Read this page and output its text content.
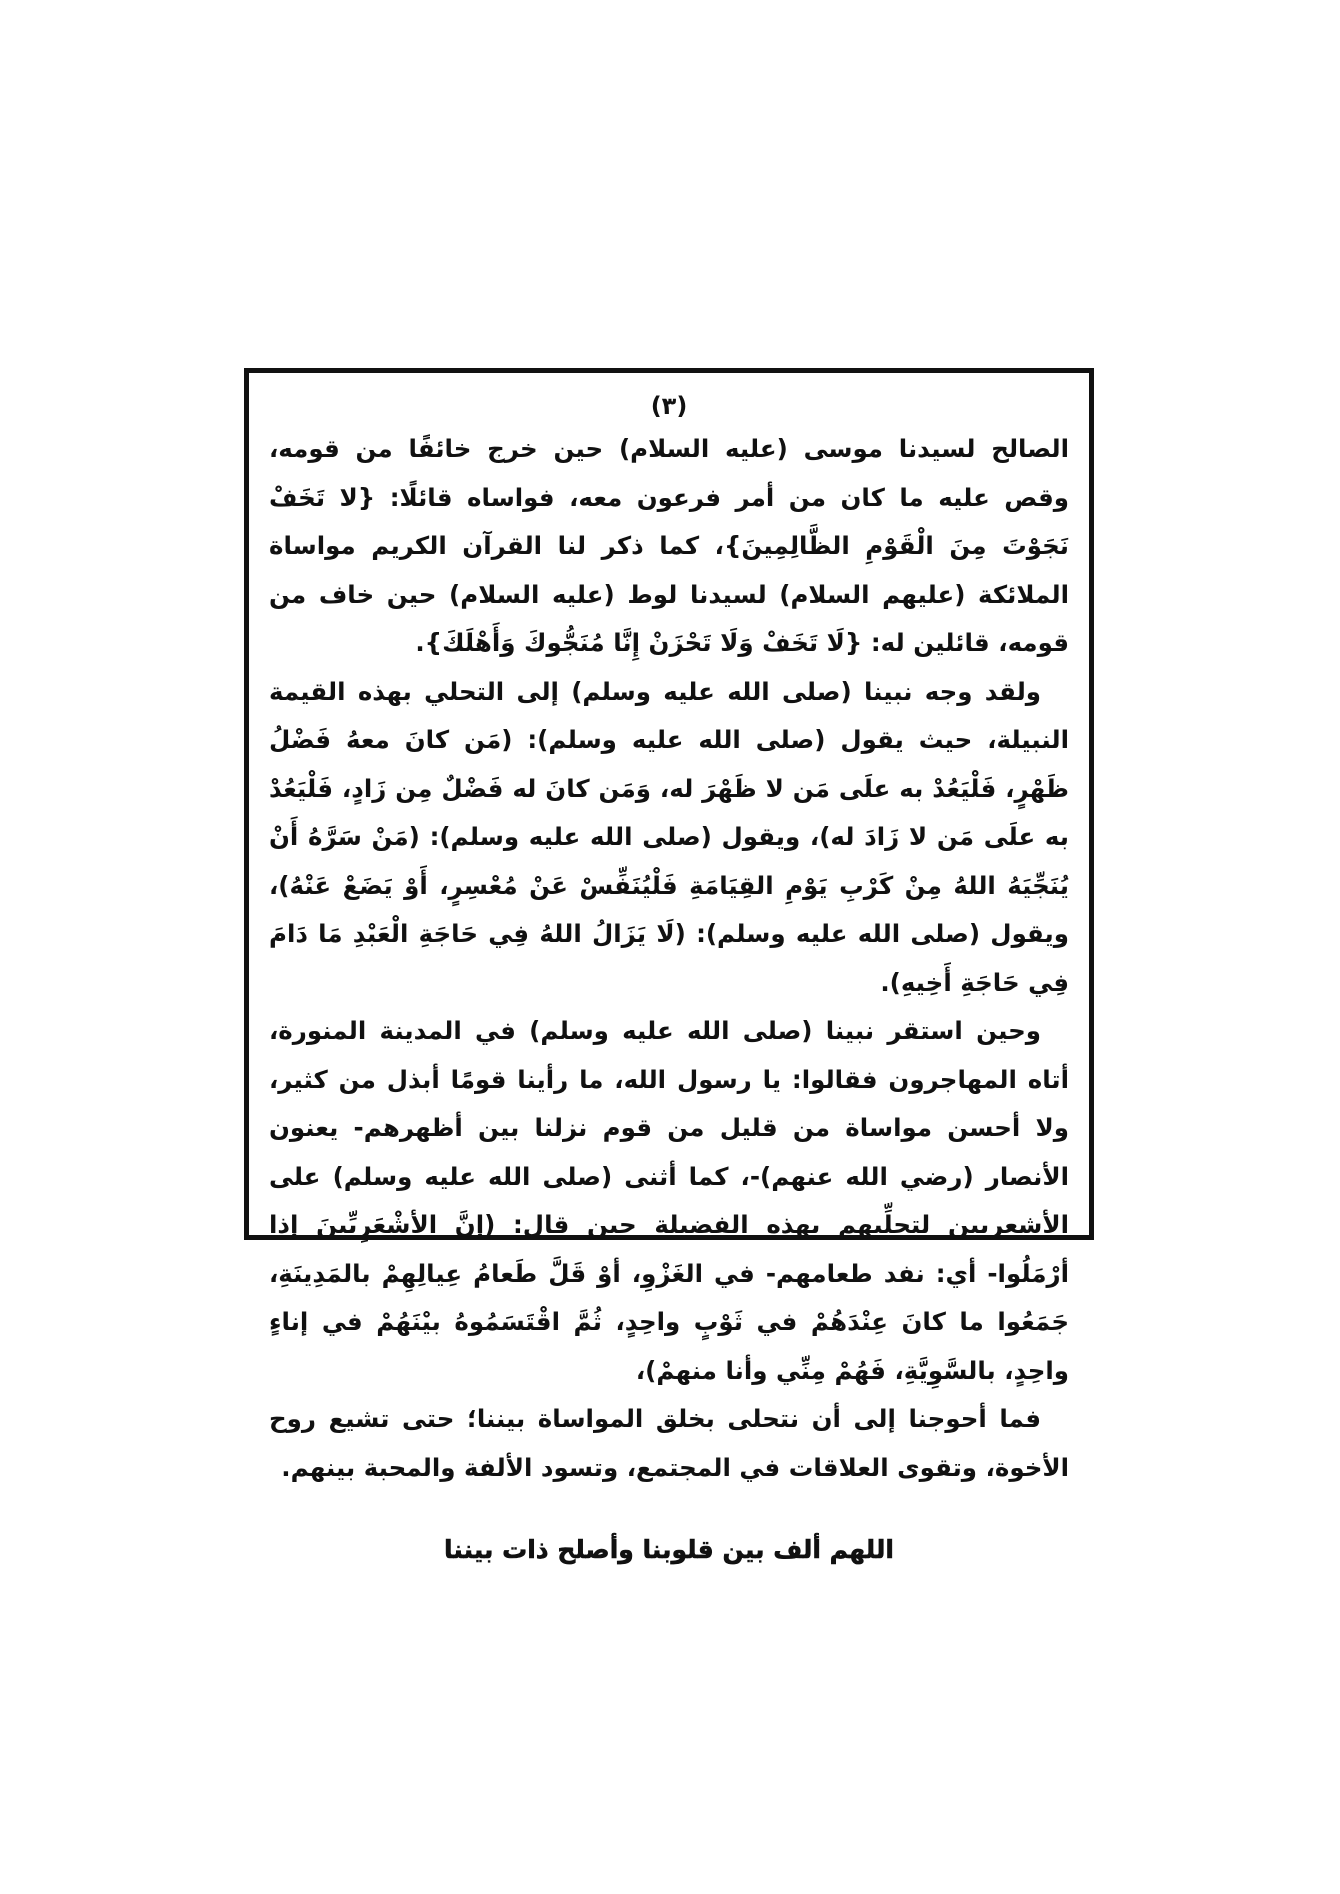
(٣)

الصالح لسيدنا موسى (عليه السلام) حين خرج خائفًا من قومه، وقص عليه ما كان من أمر فرعون معه، فواساه قائلًا: {لا تَخَفْ نَجَوْتَ مِنَ الْقَوْمِ الظَّالِمِينَ}، كما ذكر لنا القرآن الكريم مواساة الملائكة (عليهم السلام) لسيدنا لوط (عليه السلام) حين خاف من قومه، قائلين له: {لَا تَخَفْ وَلَا تَحْزَنْ إِنَّا مُنَجُّوكَ وَأَهْلَكَ}.

ولقد وجه نبينا (صلى الله عليه وسلم) إلى التحلي بهذه القيمة النبيلة، حيث يقول (صلى الله عليه وسلم): (مَن كانَ معهُ فَضْلُ ظَهْرٍ، فَلْيَعُدْ به علَى مَن لا ظَهْرَ له، وَمَن كانَ له فَضْلٌ مِن زَادٍ، فَلْيَعُدْ به علَى مَن لا زَادَ له)، ويقول (صلى الله عليه وسلم): (مَنْ سَرَّهُ أَنْ يُنَجِّيَهُ اللهُ مِنْ كَرْبِ يَوْمِ القِيَامَةِ فَلْيُنَفِّسْ عَنْ مُعْسِرٍ، أَوْ يَضَعْ عَنْهُ)، ويقول (صلى الله عليه وسلم): (لَا يَزَالُ اللهُ فِي حَاجَةِ الْعَبْدِ مَا دَامَ فِي حَاجَةِ أَخِيهِ).

وحين استقر نبينا (صلى الله عليه وسلم) في المدينة المنورة، أتاه المهاجرون فقالوا: يا رسول الله، ما رأينا قومًا أبذل من كثير، ولا أحسن مواساة من قليل من قوم نزلنا بين أظهرهم- يعنون الأنصار (رضي الله عنهم)-، كما أثنى (صلى الله عليه وسلم) على الأشعريين لتحلِّيهم بهذه الفضيلة حين قال: (إنَّ الأشْعَرِيِّينَ إذا أرْمَلُوا- أي: نفد طعامهم- في الغَزْوِ، أوْ قَلَّ طَعامُ عِيالِهِمْ بالمَدِينَةِ، جَمَعُوا ما كانَ عِنْدَهُمْ في ثَوْبٍ واحِدٍ، ثُمَّ اقْتَسَمُوهُ بيْنَهُمْ في إناءٍ واحِدٍ، بالسَّوِيَّةِ، فَهُمْ مِنِّي وأنا منهمْ)،

فما أحوجنا إلى أن نتحلى بخلق المواساة بيننا؛ حتى تشيع روح الأخوة، وتقوى العلاقات في المجتمع، وتسود الألفة والمحبة بينهم.

اللهم ألف بين قلوبنا وأصلح ذات بيننا
